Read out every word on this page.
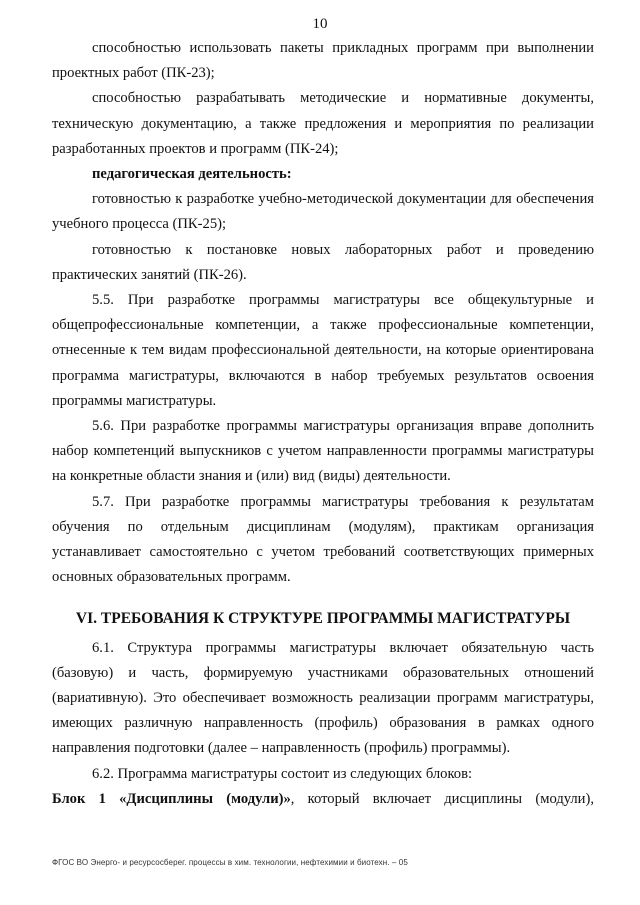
10

способностью использовать пакеты прикладных программ при выполнении проектных работ (ПК-23);

способностью разрабатывать методические и нормативные документы, техническую документацию, а также предложения и мероприятия по реализации разработанных проектов и программ (ПК-24);

педагогическая деятельность:

готовностью к разработке учебно-методической документации для обеспечения учебного процесса (ПК-25);

готовностью к постановке новых лабораторных работ и проведению практических занятий (ПК-26).

5.5. При разработке программы магистратуры все общекультурные и общепрофессиональные компетенции, а также профессиональные компетенции, отнесенные к тем видам профессиональной деятельности, на которые ориентирована программа магистратуры, включаются в набор требуемых результатов освоения программы магистратуры.

5.6. При разработке программы магистратуры организация вправе дополнить набор компетенций выпускников с учетом направленности программы магистратуры на конкретные области знания и (или) вид (виды) деятельности.

5.7. При разработке программы магистратуры требования к результатам обучения по отдельным дисциплинам (модулям), практикам организация устанавливает самостоятельно с учетом требований соответствующих примерных основных образовательных программ.

VI. ТРЕБОВАНИЯ К СТРУКТУРЕ ПРОГРАММЫ МАГИСТРАТУРЫ

6.1. Структура программы магистратуры включает обязательную часть (базовую) и часть, формируемую участниками образовательных отношений (вариативную). Это обеспечивает возможность реализации программ магистратуры, имеющих различную направленность (профиль) образования в рамках одного направления подготовки (далее – направленность (профиль) программы).

6.2. Программа магистратуры состоит из следующих блоков:

Блок 1 «Дисциплины (модули)», который включает дисциплины (модули),

ФГОС ВО Энерго- и ресурсосберег. процессы в хим. технологии, нефтехимии и биотехн. – 05
